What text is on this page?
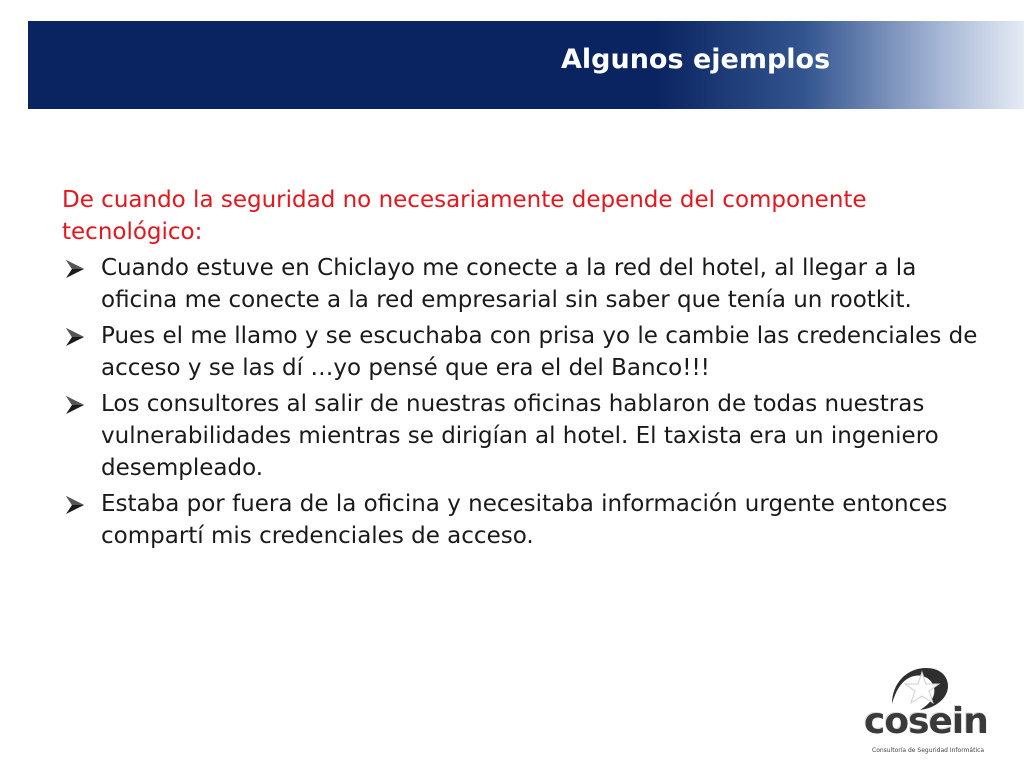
Algunos ejemplos

De cuando la seguridad no necesariamente depende del componente tecnológico:

Cuando estuve en Chiclayo me conecte a la red del hotel, al llegar a la oficina me conecte a la red empresarial sin saber que tenía un rootkit.
Pues el me llamo y se escuchaba con prisa yo le cambie las credenciales de acceso y se las dí …yo pensé que era el del Banco!!!
Los consultores al salir de nuestras oficinas hablaron de todas nuestras vulnerabilidades mientras se dirigían al hotel. El taxista era un ingeniero desempleado.
Estaba por fuera de la oficina y necesitaba información urgente entonces compartí mis credenciales de acceso.
cosein
Consultoría de Seguridad Informática
